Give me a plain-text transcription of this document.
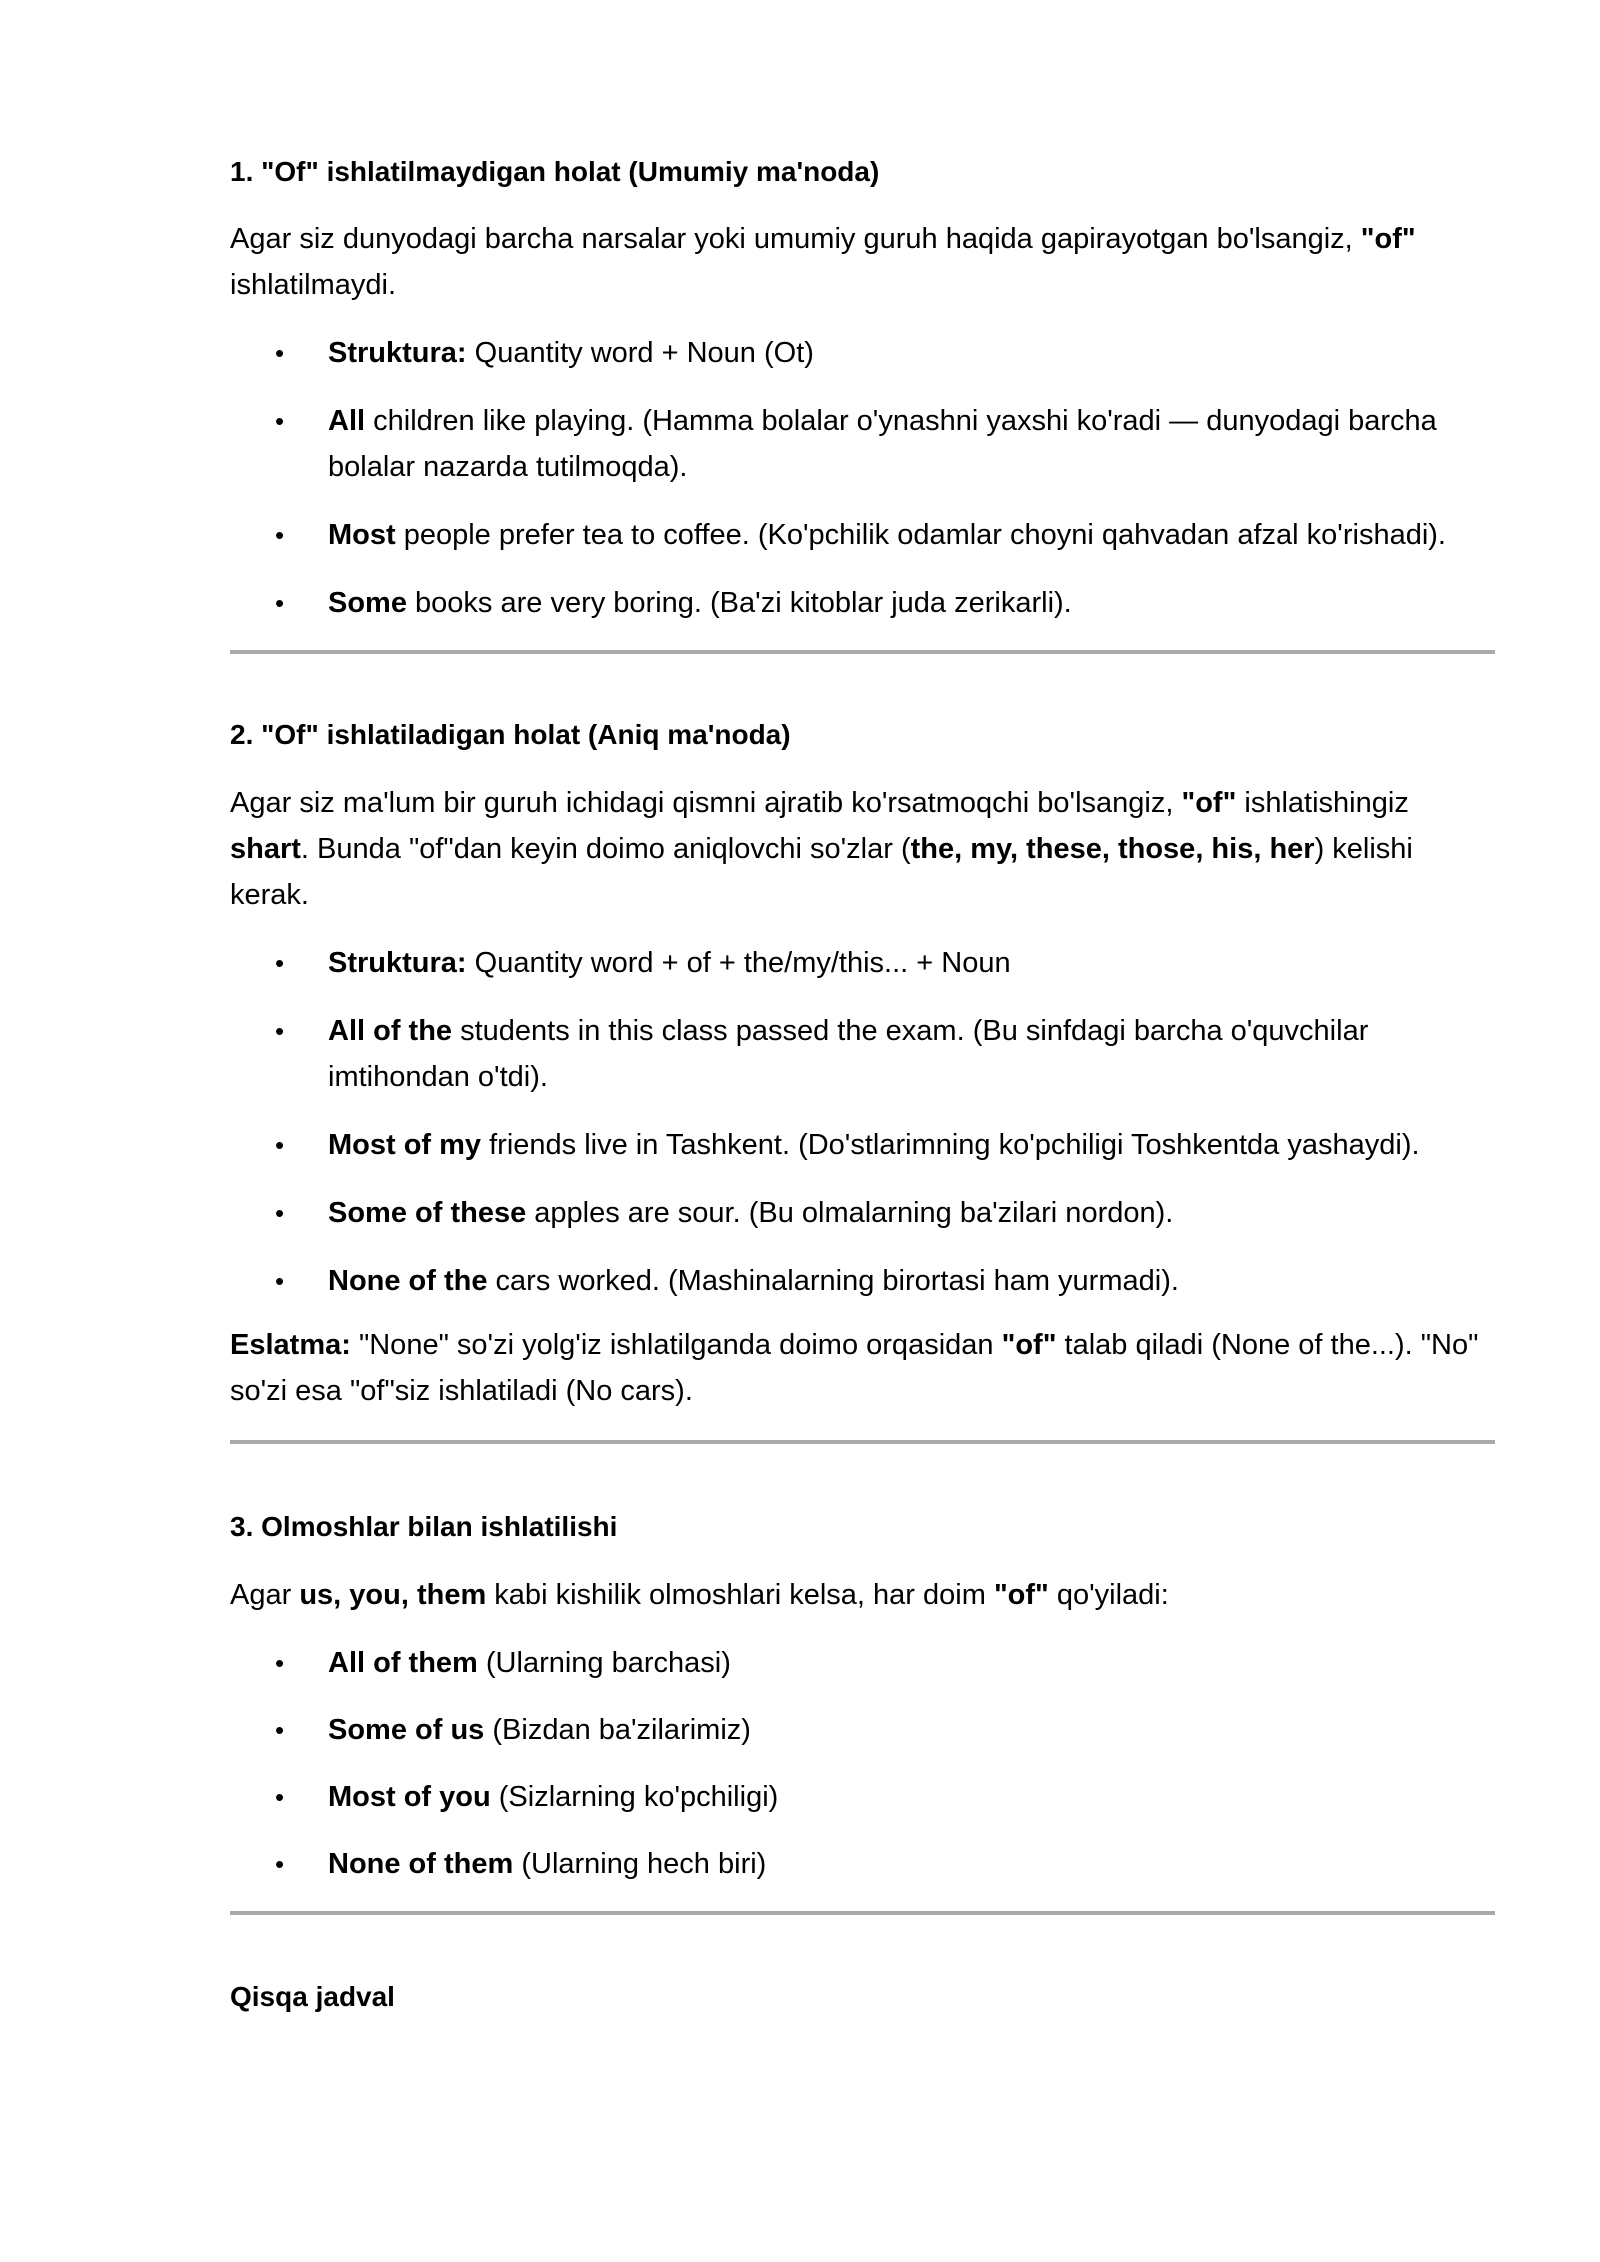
1. "Of" ishlatilmaydigan holat (Umumiy ma'noda)

Agar siz dunyodagi barcha narsalar yoki umumiy guruh haqida gapirayotgan bo'lsangiz, "of" ishlatilmaydi.

• Struktura: Quantity word + Noun (Ot)
• All children like playing. (Hamma bolalar o'ynashni yaxshi ko'radi — dunyodagi barcha bolalar nazarda tutilmoqda).
• Most people prefer tea to coffee. (Ko'pchilik odamlar choyni qahvadan afzal ko'rishadi).
• Some books are very boring. (Ba'zi kitoblar juda zerikarli).
2. "Of" ishlatiladigan holat (Aniq ma'noda)

Agar siz ma'lum bir guruh ichidagi qismni ajratib ko'rsatmoqchi bo'lsangiz, "of" ishlatishingiz shart. Bunda "of"dan keyin doimo aniqlovchi so'zlar (the, my, these, those, his, her) kelishi kerak.

• Struktura: Quantity word + of + the/my/this... + Noun
• All of the students in this class passed the exam. (Bu sinfdagi barcha o'quvchilar imtihondan o'tdi).
• Most of my friends live in Tashkent. (Do'stlarimning ko'pchiligi Toshkentda yashaydi).
• Some of these apples are sour. (Bu olmalarning ba'zilari nordon).
• None of the cars worked. (Mashinalarning birortasi ham yurmadi).

Eslatma: "None" so'zi yolg'iz ishlatilganda doimo orqasidan "of" talab qiladi (None of the...). "No" so'zi esa "of"siz ishlatiladi (No cars).

3. Olmoshlar bilan ishlatilishi

Agar us, you, them kabi kishilik olmoshlari kelsa, har doim "of" qo'yiladi:

• All of them (Ularning barchasi)
• Some of us (Bizdan ba'zilarimiz)
• Most of you (Sizlarning ko'pchiligi)
• None of them (Ularning hech biri)
Qisqa jadval
